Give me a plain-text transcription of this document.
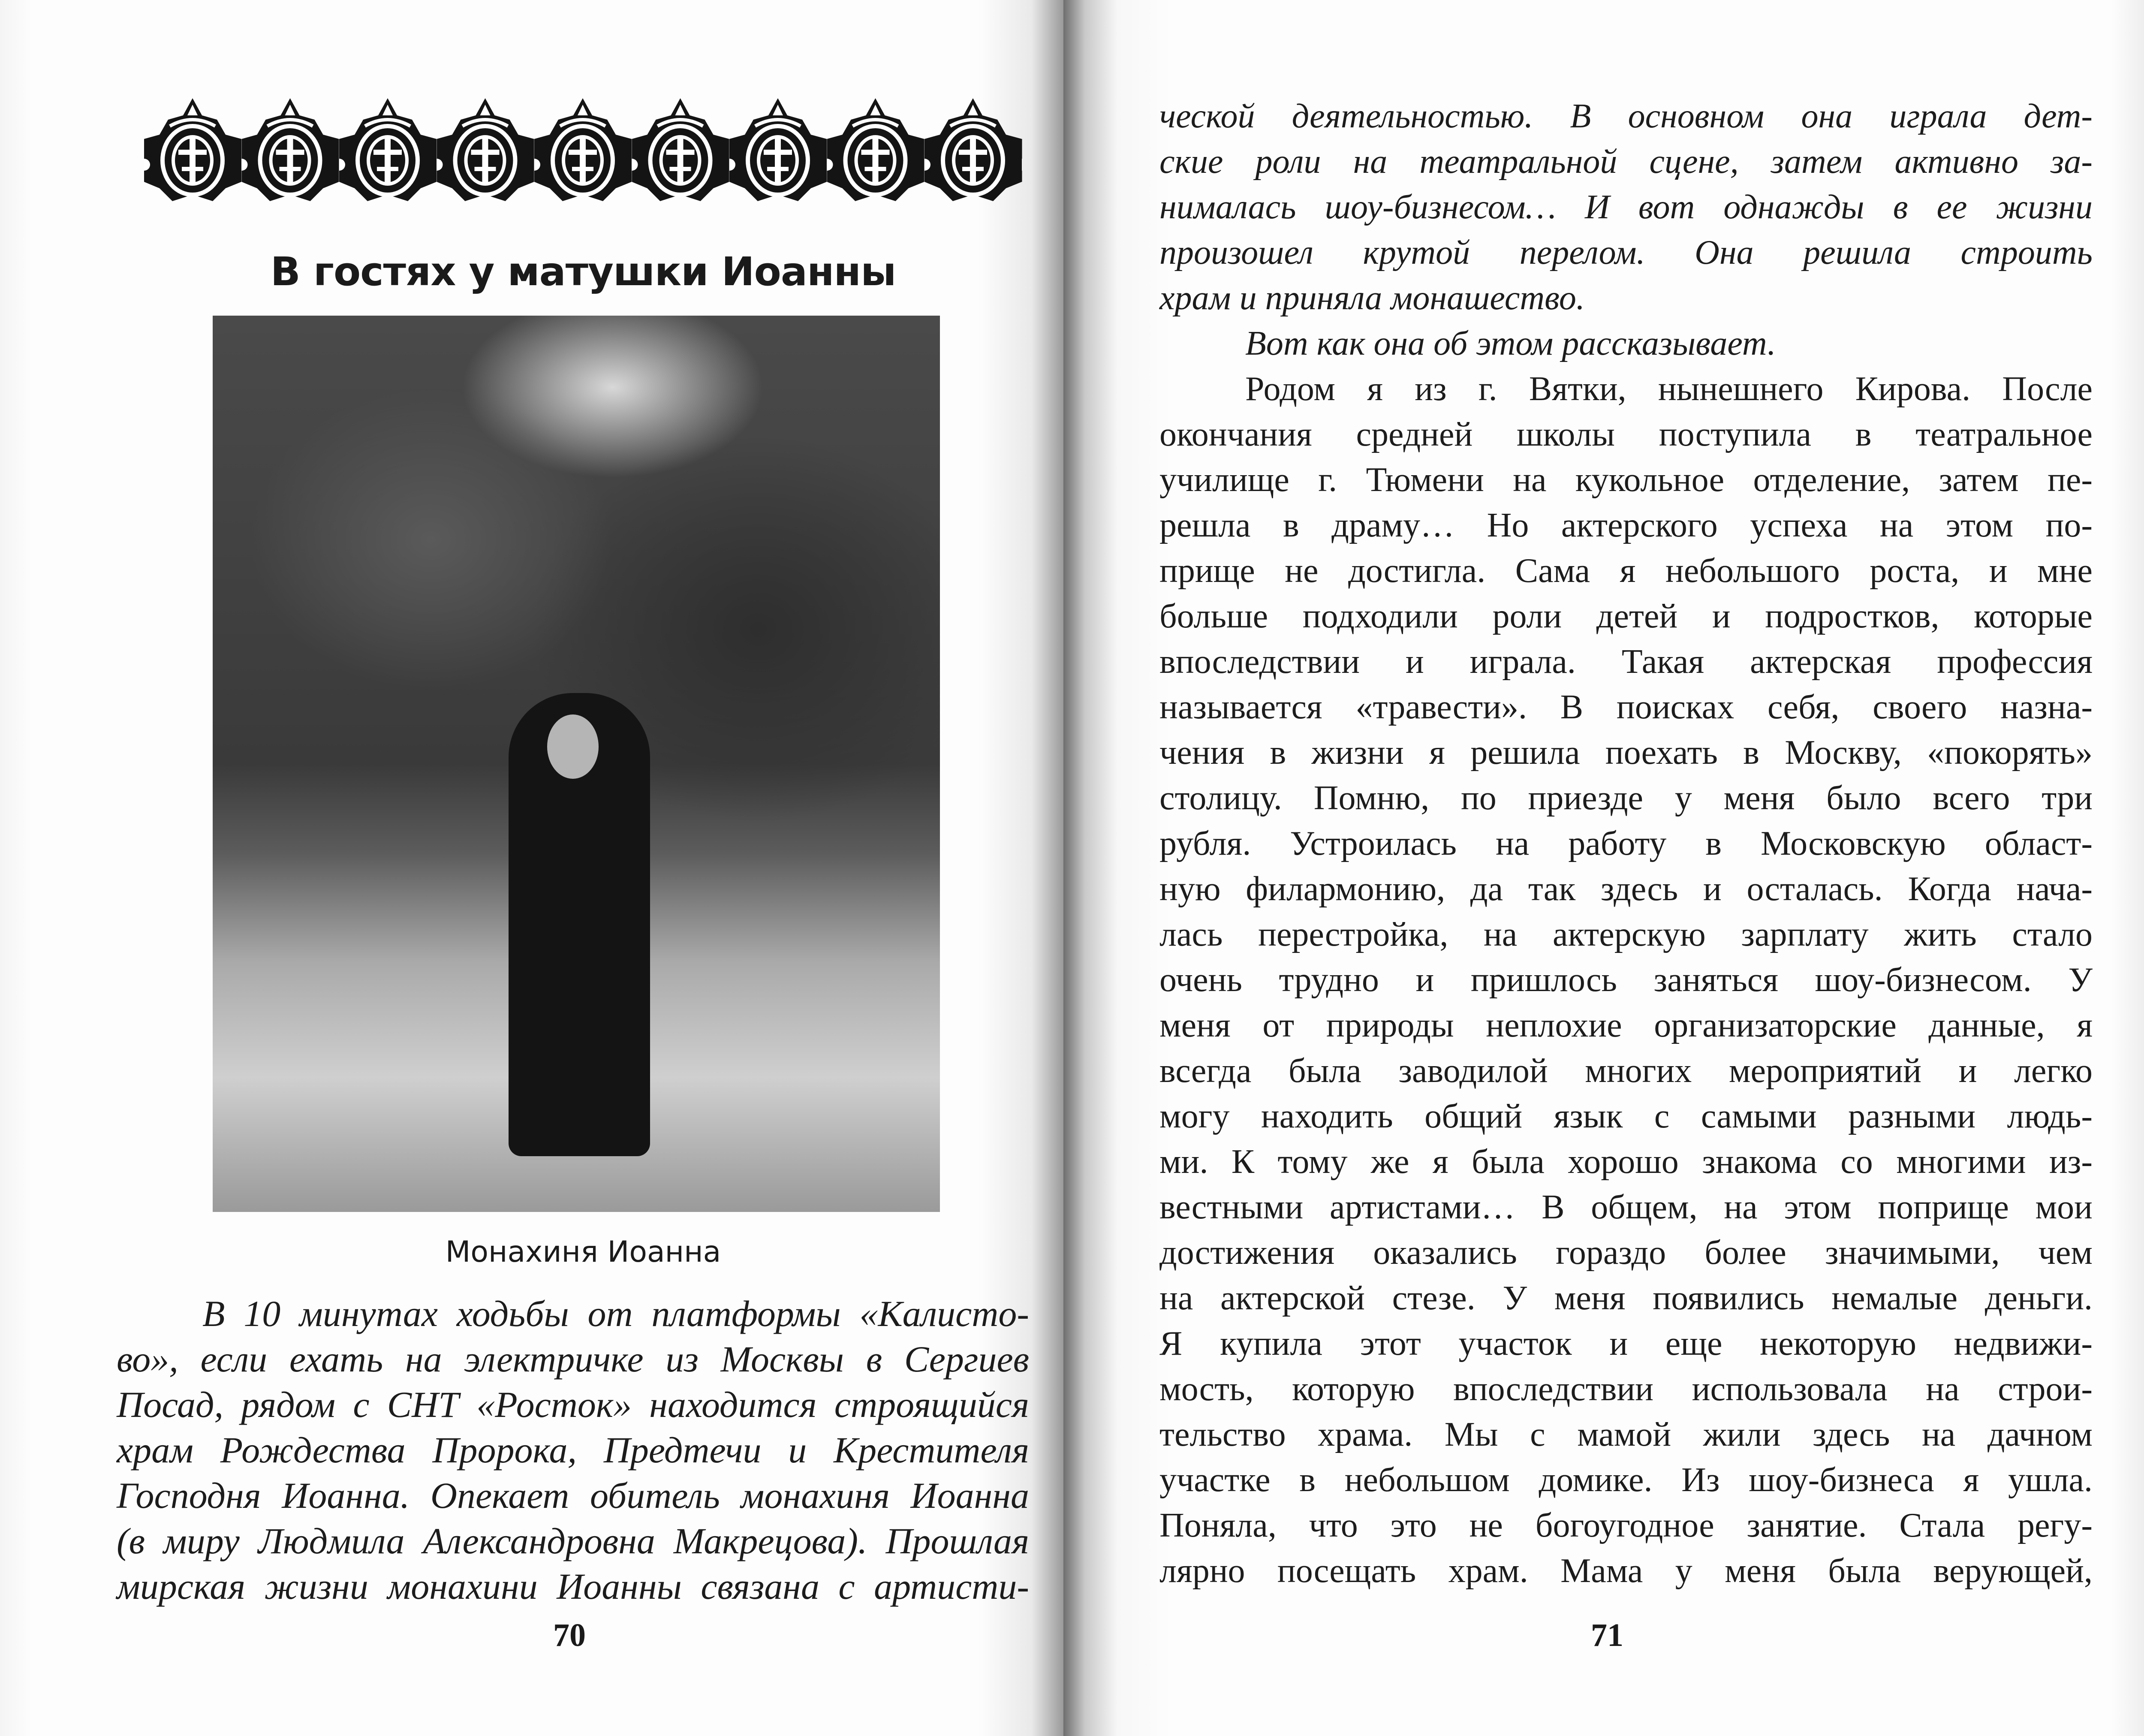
В гостях у матушки Иоанны
Монахиня Иоанна
В 10 минутах ходьбы от платформы «Калисто-
во», если ехать на электричке из Москвы в Сергиев
Посад, рядом с СНТ «Росток» находится строящийся
храм Рождества Пророка, Предтечи и Крестителя
Господня Иоанна. Опекает обитель монахиня Иоанна
(в миру Людмила Александровна Макрецова). Прошлая
мирская жизни монахини Иоанны связана с артисти-
70
ческой деятельностью. В основном она играла дет-
ские роли на театральной сцене, затем активно за-
нималась шоу-бизнесом… И вот однажды в ее жизни
произошел крутой перелом. Она решила строить
храм и приняла монашество.
Вот как она об этом рассказывает.
Родом я из г. Вятки, нынешнего Кирова. После
окончания средней школы поступила в театральное
училище г. Тюмени на кукольное отделение, затем пе-
решла в драму… Но актерского успеха на этом по-
прище не достигла. Сама я небольшого роста, и мне
больше подходили роли детей и подростков, которые
впоследствии и играла. Такая актерская профессия
называется «травести». В поисках себя, своего назна-
чения в жизни я решила поехать в Москву, «покорять»
столицу. Помню, по приезде у меня было всего три
рубля. Устроилась на работу в Московскую област-
ную филармонию, да так здесь и осталась. Когда нача-
лась перестройка, на актерскую зарплату жить стало
очень трудно и пришлось заняться шоу-бизнесом. У
меня от природы неплохие организаторские данные, я
всегда была заводилой многих мероприятий и легко
могу находить общий язык с самыми разными людь-
ми. К тому же я была хорошо знакома со многими из-
вестными артистами… В общем, на этом поприще мои
достижения оказались гораздо более значимыми, чем
на актерской стезе. У меня появились немалые деньги.
Я купила этот участок и еще некоторую недвижи-
мость, которую впоследствии использовала на строи-
тельство храма. Мы с мамой жили здесь на дачном
участке в небольшом домике. Из шоу-бизнеса я ушла.
Поняла, что это не богоугодное занятие. Стала регу-
лярно посещать храм. Мама у меня была верующей,
71
